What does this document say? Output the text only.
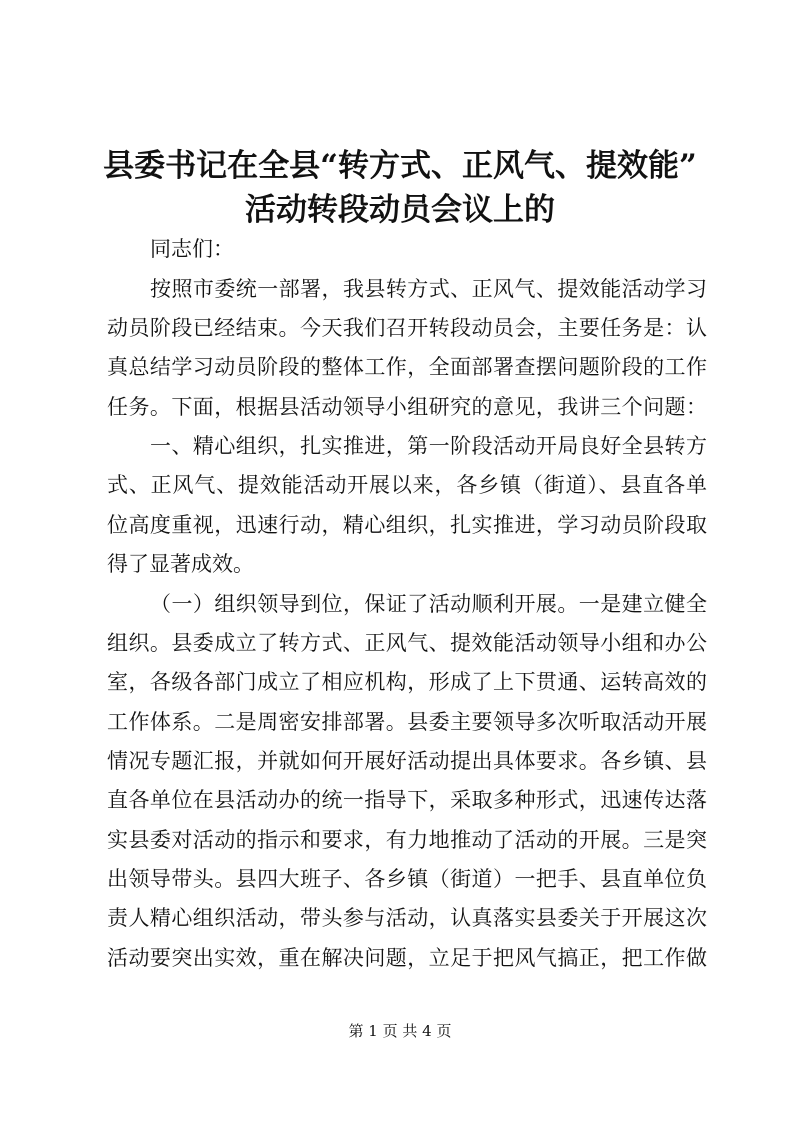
县委书记在全县“转方式、正风气、提效能”
活动转段动员会议上的
同志们：
按照市委统一部署，我县转方式、正风气、提效能活动学习
动员阶段已经结束。今天我们召开转段动员会，主要任务是：认
真总结学习动员阶段的整体工作，全面部署查摆问题阶段的工作
任务。下面，根据县活动领导小组研究的意见，我讲三个问题：
一、精心组织，扎实推进，第一阶段活动开局良好全县转方
式、正风气、提效能活动开展以来，各乡镇（街道）、县直各单
位高度重视，迅速行动，精心组织，扎实推进，学习动员阶段取
得了显著成效。
（一）组织领导到位，保证了活动顺利开展。一是建立健全
组织。县委成立了转方式、正风气、提效能活动领导小组和办公
室，各级各部门成立了相应机构，形成了上下贯通、运转高效的
工作体系。二是周密安排部署。县委主要领导多次听取活动开展
情况专题汇报，并就如何开展好活动提出具体要求。各乡镇、县
直各单位在县活动办的统一指导下，采取多种形式，迅速传达落
实县委对活动的指示和要求，有力地推动了活动的开展。三是突
出领导带头。县四大班子、各乡镇（街道）一把手、县直单位负
责人精心组织活动，带头参与活动，认真落实县委关于开展这次
活动要突出实效，重在解决问题，立足于把风气搞正，把工作做
第 1 页 共 4 页
